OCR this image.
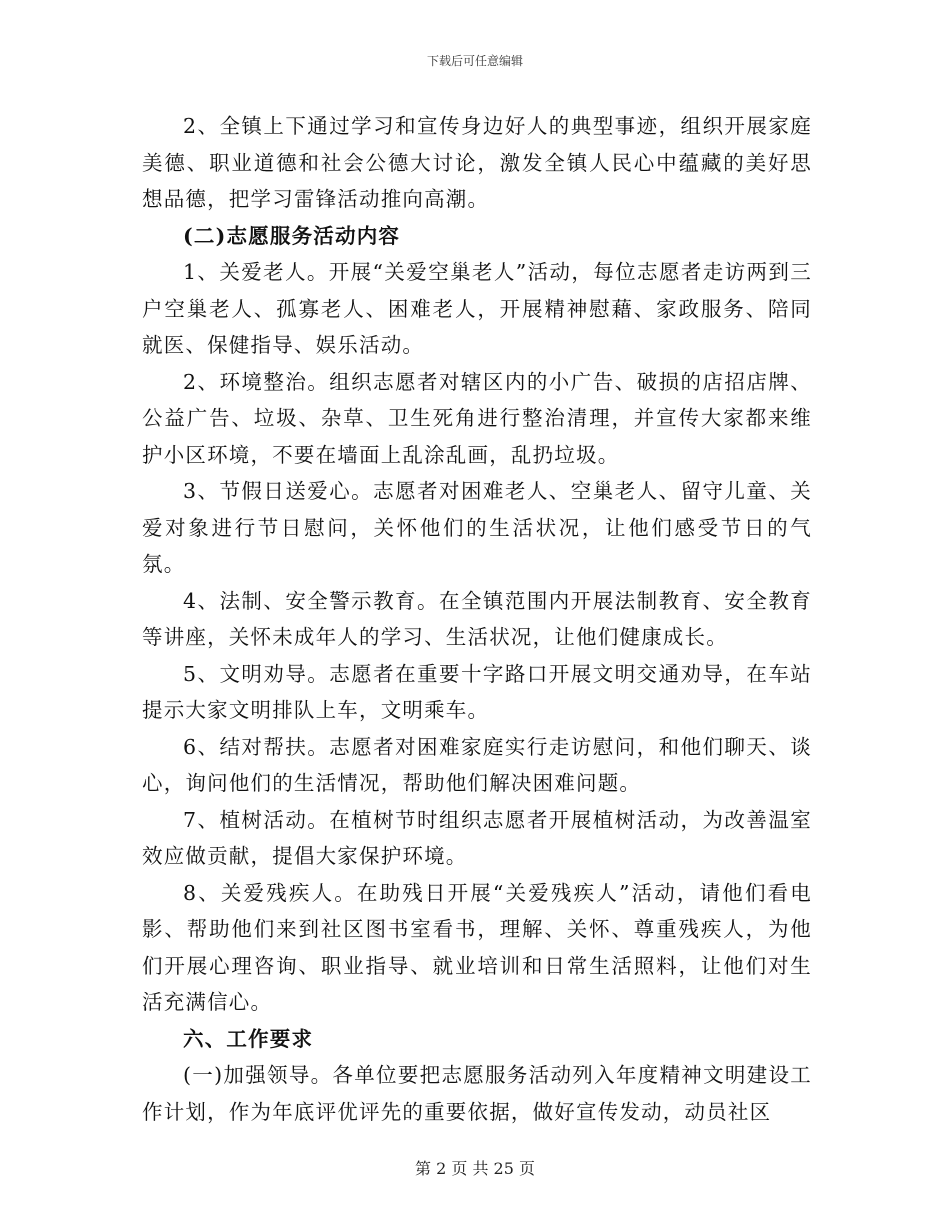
下载后可任意编辑

2、全镇上下通过学习和宣传身边好人的典型事迹，组织开展家庭美德、职业道德和社会公德大讨论，激发全镇人民心中蕴藏的美好思想品德，把学习雷锋活动推向高潮。

(二)志愿服务活动内容

1、关爱老人。开展“关爱空巢老人”活动，每位志愿者走访两到三户空巢老人、孤寡老人、困难老人，开展精神慰藉、家政服务、陪同就医、保健指导、娱乐活动。

2、环境整治。组织志愿者对辖区内的小广告、破损的店招店牌、公益广告、垃圾、杂草、卫生死角进行整治清理，并宣传大家都来维护小区环境，不要在墙面上乱涂乱画，乱扔垃圾。

3、节假日送爱心。志愿者对困难老人、空巢老人、留守儿童、关爱对象进行节日慰问，关怀他们的生活状况，让他们感受节日的气氛。

4、法制、安全警示教育。在全镇范围内开展法制教育、安全教育等讲座，关怀未成年人的学习、生活状况，让他们健康成长。

5、文明劝导。志愿者在重要十字路口开展文明交通劝导，在车站提示大家文明排队上车，文明乘车。

6、结对帮扶。志愿者对困难家庭实行走访慰问，和他们聊天、谈心，询问他们的生活情况，帮助他们解决困难问题。

7、植树活动。在植树节时组织志愿者开展植树活动，为改善温室效应做贡献，提倡大家保护环境。

8、关爱残疾人。在助残日开展“关爱残疾人”活动，请他们看电影、帮助他们来到社区图书室看书，理解、关怀、尊重残疾人，为他们开展心理咨询、职业指导、就业培训和日常生活照料，让他们对生活充满信心。

六、工作要求

(一)加强领导。各单位要把志愿服务活动列入年度精神文明建设工作计划，作为年底评优评先的重要依据，做好宣传发动，动员社区

第 2 页 共 25 页
